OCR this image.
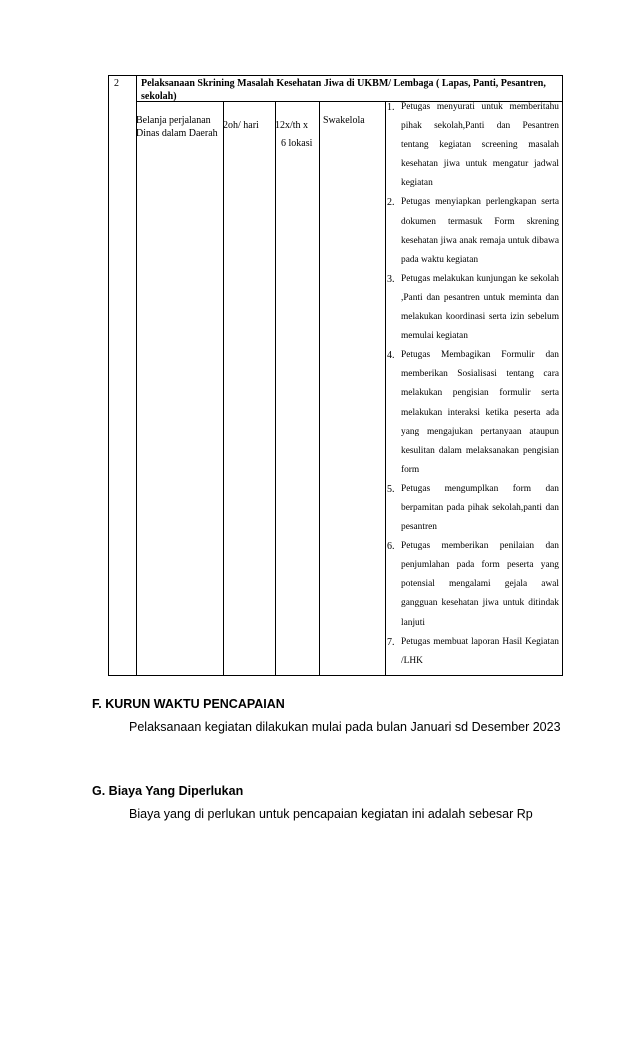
2 Pelaksanaan Skrining Masalah Kesehatan Jiwa di UKBM/ Lembaga ( Lapas, Panti, Pesantren, sekolah)
Belanja perjalanan Dinas dalam Daerah
2oh/ hari	12x/th x
6 lokasi
Swakelola
1. Petugas menyurati untuk memberitahu pihak sekolah,Panti dan Pesantren tentang kegiatan screening masalah kesehatan jiwa untuk mengatur jadwal kegiatan
2. Petugas menyiapkan perlengkapan serta dokumen termasuk Form skrening kesehatan jiwa anak remaja untuk dibawa pada waktu kegiatan
3. Petugas melakukan kunjungan ke sekolah ,Panti dan pesantren untuk meminta dan melakukan koordinasi serta izin sebelum memulai kegiatan
4. Petugas Membagikan Formulir dan memberikan Sosialisasi tentang cara melakukan pengisian formulir serta melakukan interaksi ketika peserta ada yang mengajukan pertanyaan ataupun kesulitan dalam melaksanakan pengisian form
5. Petugas mengumplkan form dan berpamitan pada pihak sekolah,panti dan pesantren
6. Petugas memberikan penilaian dan penjumlahan pada form peserta yang potensial mengalami gejala awal gangguan kesehatan jiwa untuk ditindak lanjuti
7. Petugas membuat laporan Hasil Kegiatan /LHK
F. KURUN WAKTU PENCAPAIAN
Pelaksanaan kegiatan dilakukan mulai pada bulan Januari sd Desember 2023
G. Biaya Yang Diperlukan
Biaya yang di perlukan untuk pencapaian kegiatan ini adalah sebesar Rp
